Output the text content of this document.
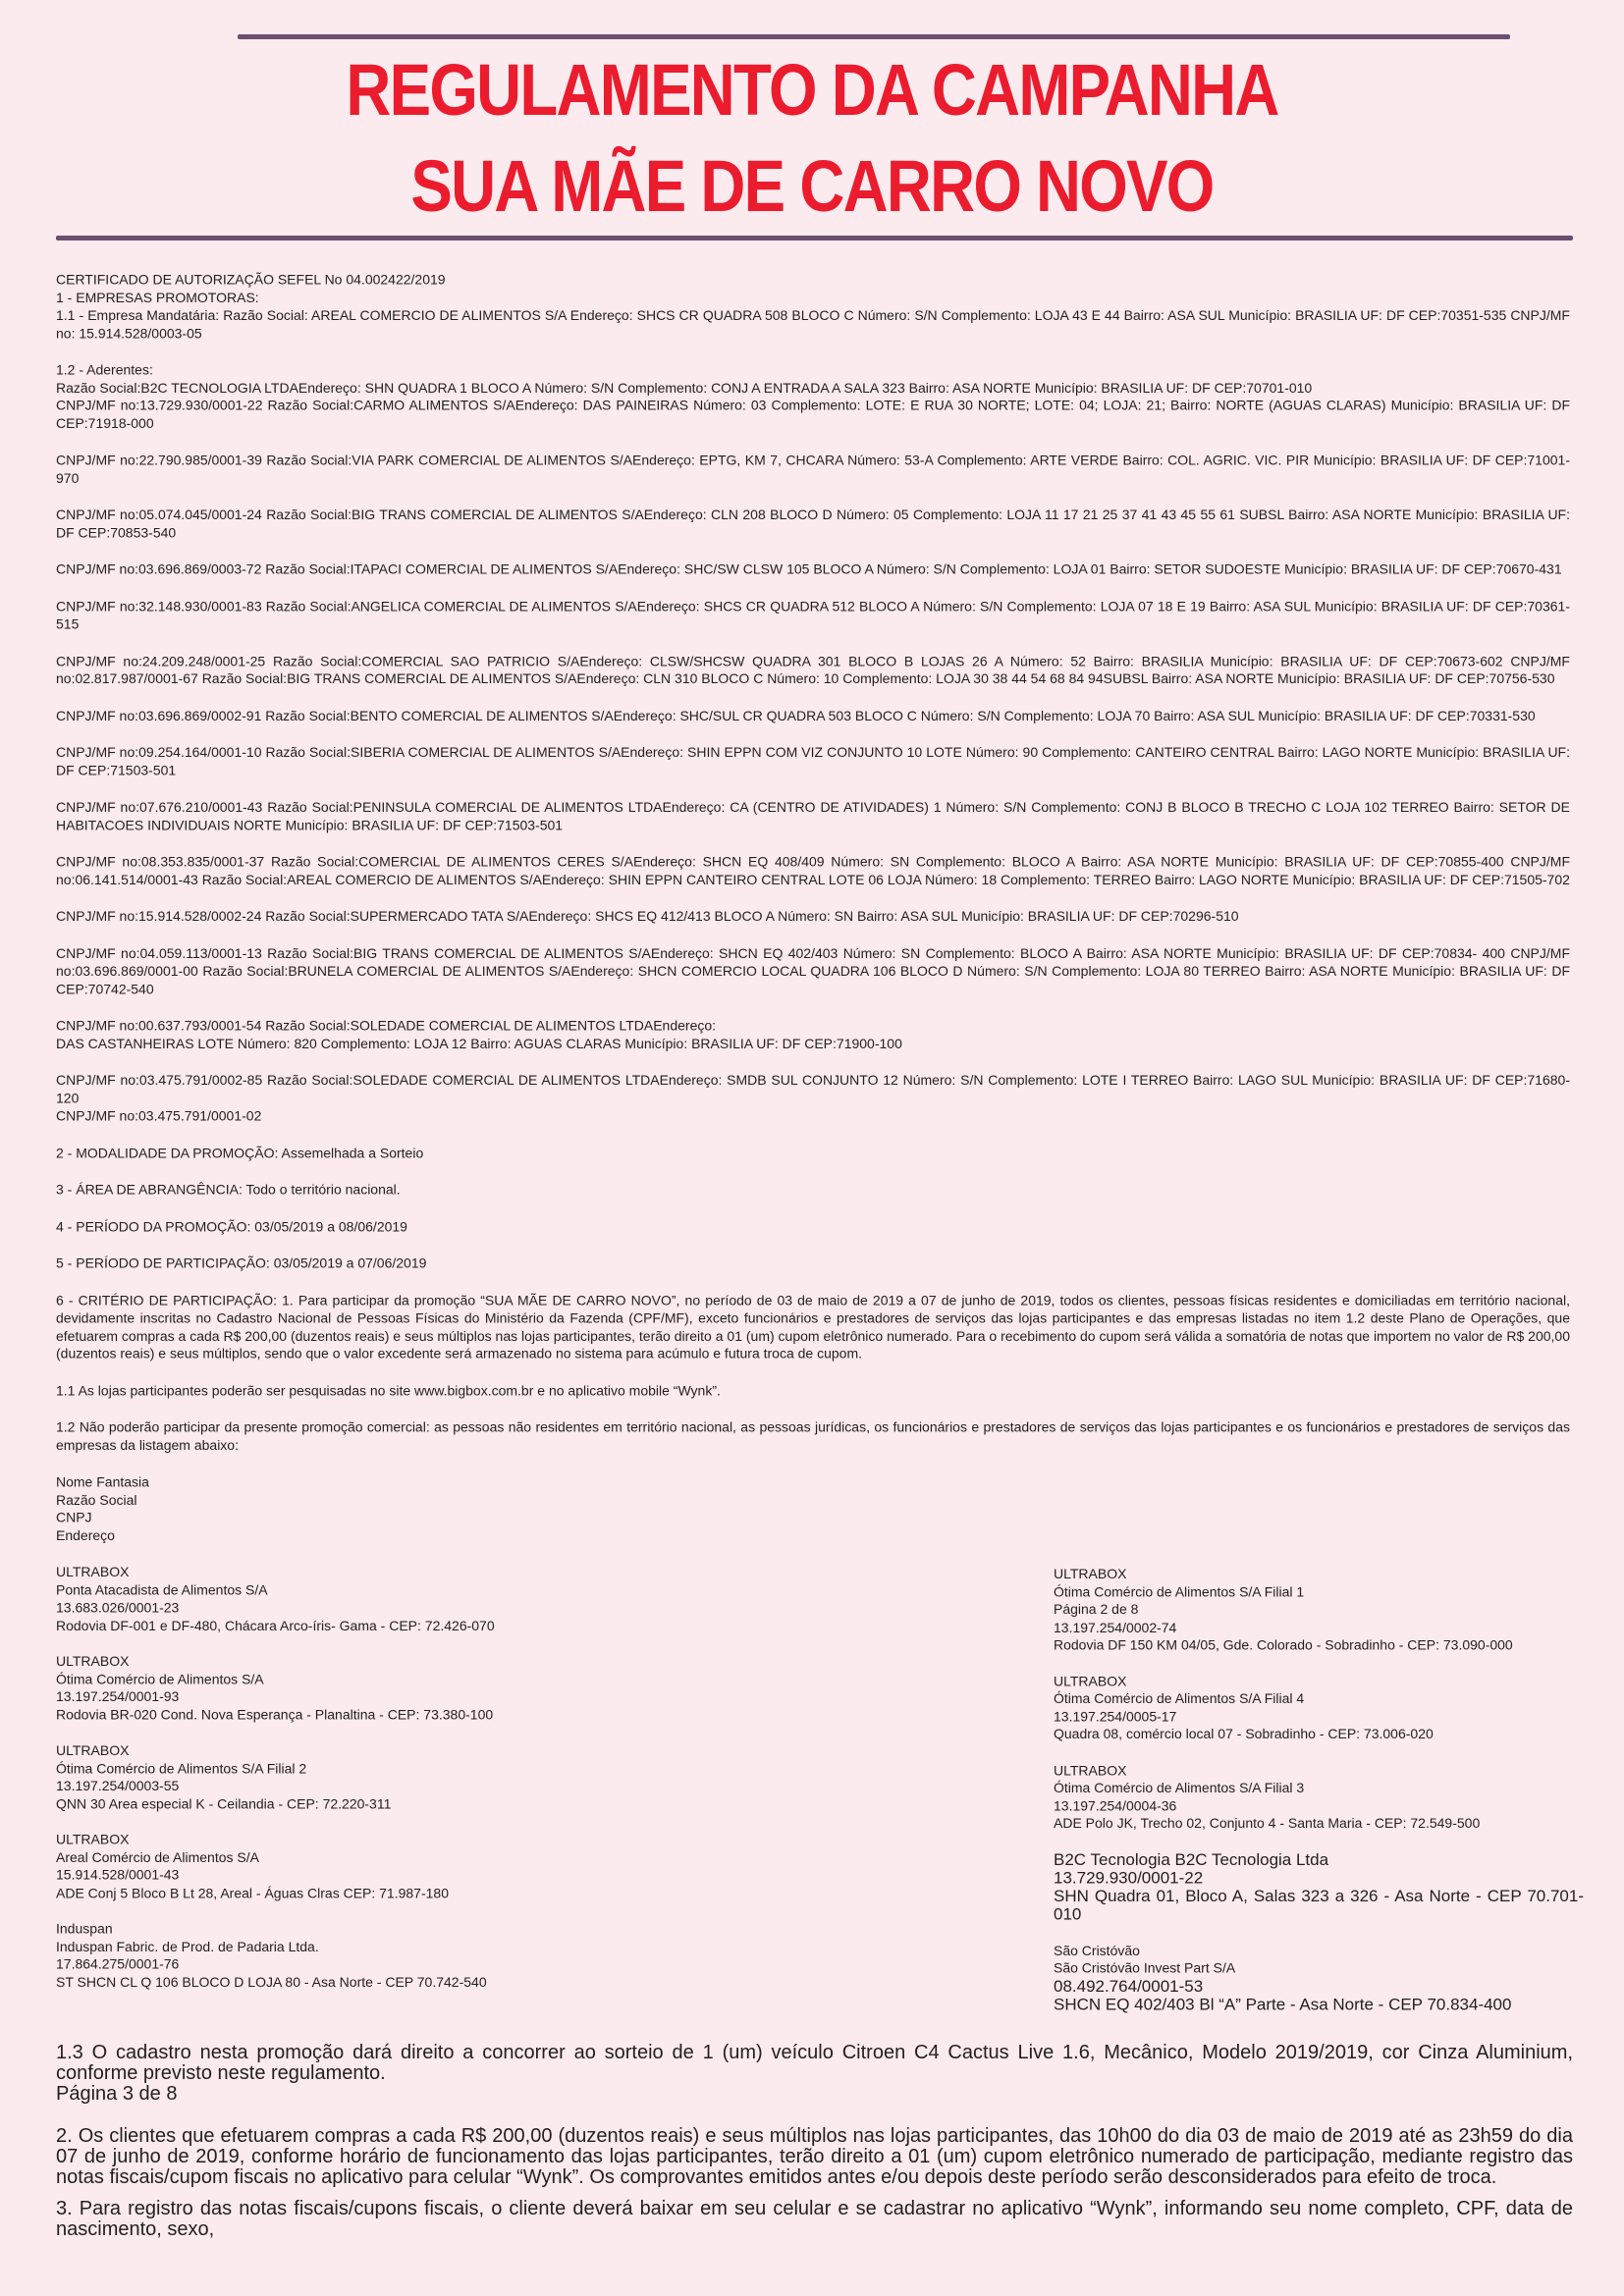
REGULAMENTO DA CAMPANHA
SUA MÃE DE CARRO NOVO

CERTIFICADO DE AUTORIZAÇÃO SEFEL No 04.002422/2019

1 - EMPRESAS PROMOTORAS:

1.1 - Empresa Mandatária: Razão Social: AREAL COMERCIO DE ALIMENTOS S/A Endereço: SHCS CR QUADRA 508 BLOCO C Número: S/N Complemento: LOJA 43 E 44 Bairro: ASA SUL Município: BRASILIA UF: DF CEP:70351-535 CNPJ/MF no: 15.914.528/0003-05

1.2 - Aderentes:

Razão Social:B2C TECNOLOGIA LTDAEndereço: SHN QUADRA 1 BLOCO A Número: S/N Complemento: CONJ A ENTRADA A SALA 323 Bairro: ASA NORTE Município: BRASILIA UF: DF CEP:70701-010

CNPJ/MF no:13.729.930/0001-22 Razão Social:CARMO ALIMENTOS S/AEndereço: DAS PAINEIRAS Número: 03 Complemento: LOTE: E RUA 30 NORTE; LOTE: 04; LOJA: 21; Bairro: NORTE (AGUAS CLARAS) Município: BRASILIA UF: DF CEP:71918-000

CNPJ/MF no:22.790.985/0001-39 Razão Social:VIA PARK COMERCIAL DE ALIMENTOS S/AEndereço: EPTG, KM 7, CHCARA Número: 53-A Complemento: ARTE VERDE Bairro: COL. AGRIC. VIC. PIR Município: BRASILIA UF: DF CEP:71001-970

CNPJ/MF no:05.074.045/0001-24 Razão Social:BIG TRANS COMERCIAL DE ALIMENTOS S/AEndereço: CLN 208 BLOCO D Número: 05 Complemento: LOJA 11 17 21 25 37 41 43 45 55 61 SUBSL Bairro: ASA NORTE Município: BRASILIA UF: DF CEP:70853-540

CNPJ/MF no:03.696.869/0003-72 Razão Social:ITAPACI COMERCIAL DE ALIMENTOS S/AEndereço: SHC/SW CLSW 105 BLOCO A Número: S/N Complemento: LOJA 01 Bairro: SETOR SUDOESTE Município: BRASILIA UF: DF CEP:70670-431

CNPJ/MF no:32.148.930/0001-83 Razão Social:ANGELICA COMERCIAL DE ALIMENTOS S/AEndereço: SHCS CR QUADRA 512 BLOCO A Número: S/N Complemento: LOJA 07 18 E 19 Bairro: ASA SUL Município: BRASILIA UF: DF CEP:70361-515

CNPJ/MF no:24.209.248/0001-25 Razão Social:COMERCIAL SAO PATRICIO S/AEndereço: CLSW/SHCSW QUADRA 301 BLOCO B LOJAS 26 A Número: 52 Bairro: BRASILIA Município: BRASILIA UF: DF CEP:70673-602 CNPJ/MF no:02.817.987/0001-67 Razão Social:BIG TRANS COMERCIAL DE ALIMENTOS S/AEndereço: CLN 310 BLOCO C Número: 10 Complemento: LOJA 30 38 44 54 68 84 94SUBSL Bairro: ASA NORTE Município: BRASILIA UF: DF CEP:70756-530

CNPJ/MF no:03.696.869/0002-91 Razão Social:BENTO COMERCIAL DE ALIMENTOS S/AEndereço: SHC/SUL CR QUADRA 503 BLOCO C Número: S/N Complemento: LOJA 70 Bairro: ASA SUL Município: BRASILIA UF: DF CEP:70331-530

CNPJ/MF no:09.254.164/0001-10 Razão Social:SIBERIA COMERCIAL DE ALIMENTOS S/AEndereço: SHIN EPPN COM VIZ CONJUNTO 10 LOTE Número: 90 Complemento: CANTEIRO CENTRAL Bairro: LAGO NORTE Município: BRASILIA UF: DF CEP:71503-501

CNPJ/MF no:07.676.210/0001-43 Razão Social:PENINSULA COMERCIAL DE ALIMENTOS LTDAEndereço: CA (CENTRO DE ATIVIDADES) 1 Número: S/N Complemento: CONJ B BLOCO B TRECHO C LOJA 102 TERREO Bairro: SETOR DE HABITACOES INDIVIDUAIS NORTE Município: BRASILIA UF: DF CEP:71503-501

CNPJ/MF no:08.353.835/0001-37 Razão Social:COMERCIAL DE ALIMENTOS CERES S/AEndereço: SHCN EQ 408/409 Número: SN Complemento: BLOCO A Bairro: ASA NORTE Município: BRASILIA UF: DF CEP:70855-400 CNPJ/MF no:06.141.514/0001-43 Razão Social:AREAL COMERCIO DE ALIMENTOS S/AEndereço: SHIN EPPN CANTEIRO CENTRAL LOTE 06 LOJA Número: 18 Complemento: TERREO Bairro: LAGO NORTE Município: BRASILIA UF: DF CEP:71505-702

CNPJ/MF no:15.914.528/0002-24 Razão Social:SUPERMERCADO TATA S/AEndereço: SHCS EQ 412/413 BLOCO A Número: SN Bairro: ASA SUL Município: BRASILIA UF: DF CEP:70296-510

CNPJ/MF no:04.059.113/0001-13 Razão Social:BIG TRANS COMERCIAL DE ALIMENTOS S/AEndereço: SHCN EQ 402/403 Número: SN Complemento: BLOCO A Bairro: ASA NORTE Município: BRASILIA UF: DF CEP:70834- 400 CNPJ/MF no:03.696.869/0001-00 Razão Social:BRUNELA COMERCIAL DE ALIMENTOS S/AEndereço: SHCN COMERCIO LOCAL QUADRA 106 BLOCO D Número: S/N Complemento: LOJA 80 TERREO Bairro: ASA NORTE Município: BRASILIA UF: DF CEP:70742-540

CNPJ/MF no:00.637.793/0001-54 Razão Social:SOLEDADE COMERCIAL DE ALIMENTOS LTDAEndereço:
DAS CASTANHEIRAS LOTE Número: 820 Complemento: LOJA 12 Bairro: AGUAS CLARAS Município: BRASILIA UF: DF CEP:71900-100

CNPJ/MF no:03.475.791/0002-85 Razão Social:SOLEDADE COMERCIAL DE ALIMENTOS LTDAEndereço: SMDB SUL CONJUNTO 12 Número: S/N Complemento: LOTE I TERREO Bairro: LAGO SUL Município: BRASILIA UF: DF CEP:71680-120
CNPJ/MF no:03.475.791/0001-02

2 - MODALIDADE DA PROMOÇÃO: Assemelhada a Sorteio

3 - ÁREA DE ABRANGÊNCIA: Todo o território nacional.

4 - PERÍODO DA PROMOÇÃO: 03/05/2019 a 08/06/2019

5 - PERÍODO DE PARTICIPAÇÃO: 03/05/2019 a 07/06/2019

6 - CRITÉRIO DE PARTICIPAÇÃO: 1. Para participar da promoção “SUA MÃE DE CARRO NOVO”, no período de 03 de maio de 2019 a 07 de junho de 2019, todos os clientes, pessoas físicas residentes e domiciliadas em território nacional, devidamente inscritas no Cadastro Nacional de Pessoas Físicas do Ministério da Fazenda (CPF/MF), exceto funcionários e prestadores de serviços das lojas participantes e das empresas listadas no item 1.2 deste Plano de Operações, que efetuarem compras a cada R$ 200,00 (duzentos reais) e seus múltiplos nas lojas participantes, terão direito a 01 (um) cupom eletrônico numerado. Para o recebimento do cupom será válida a somatória de notas que importem no valor de R$ 200,00 (duzentos reais) e seus múltiplos, sendo que o valor excedente será armazenado no sistema para acúmulo e futura troca de cupom.

1.1 As lojas participantes poderão ser pesquisadas no site www.bigbox.com.br e no aplicativo mobile “Wynk”.

1.2 Não poderão participar da presente promoção comercial: as pessoas não residentes em território nacional, as pessoas jurídicas, os funcionários e prestadores de serviços das lojas participantes e os funcionários e prestadores de serviços das empresas da listagem abaixo:

Nome Fantasia
Razão Social
CNPJ
Endereço

ULTRABOX
Ponta Atacadista de Alimentos S/A
13.683.026/0001-23
Rodovia DF-001 e DF-480, Chácara Arco-íris- Gama - CEP: 72.426-070
ULTRABOX
Ótima Comércio de Alimentos S/A
13.197.254/0001-93
Rodovia BR-020 Cond. Nova Esperança - Planaltina - CEP: 73.380-100
ULTRABOX
Ótima Comércio de Alimentos S/A Filial 2
13.197.254/0003-55
QNN 30 Area especial K - Ceilandia - CEP: 72.220-311
ULTRABOX
Areal Comércio de Alimentos S/A
15.914.528/0001-43
ADE Conj 5 Bloco B Lt 28, Areal - Águas Clras CEP: 71.987-180
Induspan
Induspan Fabric. de Prod. de Padaria Ltda.
17.864.275/0001-76
ST SHCN CL Q 106 BLOCO D LOJA 80 - Asa Norte - CEP 70.742-540
ULTRABOX
Ótima Comércio de Alimentos S/A Filial 1
Página 2 de 8
13.197.254/0002-74
Rodovia DF 150 KM 04/05, Gde. Colorado - Sobradinho - CEP: 73.090-000
ULTRABOX
Ótima Comércio de Alimentos S/A Filial 4
13.197.254/0005-17
Quadra 08, comércio local 07 - Sobradinho - CEP: 73.006-020
ULTRABOX
Ótima Comércio de Alimentos S/A Filial 3
13.197.254/0004-36
ADE Polo JK, Trecho 02, Conjunto 4 - Santa Maria - CEP: 72.549-500
B2C Tecnologia B2C Tecnologia Ltda
13.729.930/0001-22
SHN Quadra 01, Bloco A, Salas 323 a 326 - Asa Norte - CEP 70.701-010
São Cristóvão
São Cristóvão Invest Part S/A
08.492.764/0001-53
SHCN EQ 402/403 Bl “A” Parte - Asa Norte - CEP 70.834-400

1.3 O cadastro nesta promoção dará direito a concorrer ao sorteio de 1 (um) veículo Citroen C4 Cactus Live 1.6, Mecânico, Modelo 2019/2019, cor Cinza Aluminium, conforme previsto neste regulamento.

Página 3 de 8

2. Os clientes que efetuarem compras a cada R$ 200,00 (duzentos reais) e seus múltiplos nas lojas participantes, das 10h00 do dia 03 de maio de 2019 até as 23h59 do dia 07 de junho de 2019, conforme horário de funcionamento das lojas participantes, terão direito a 01 (um) cupom eletrônico numerado de participação, mediante registro das notas fiscais/cupom fiscais no aplicativo para celular “Wynk”. Os comprovantes emitidos antes e/ou depois deste período serão desconsiderados para efeito de troca.

3. Para registro das notas fiscais/cupons fiscais, o cliente deverá baixar em seu celular e se cadastrar no aplicativo “Wynk”, informando seu nome completo, CPF, data de nascimento, sexo,
